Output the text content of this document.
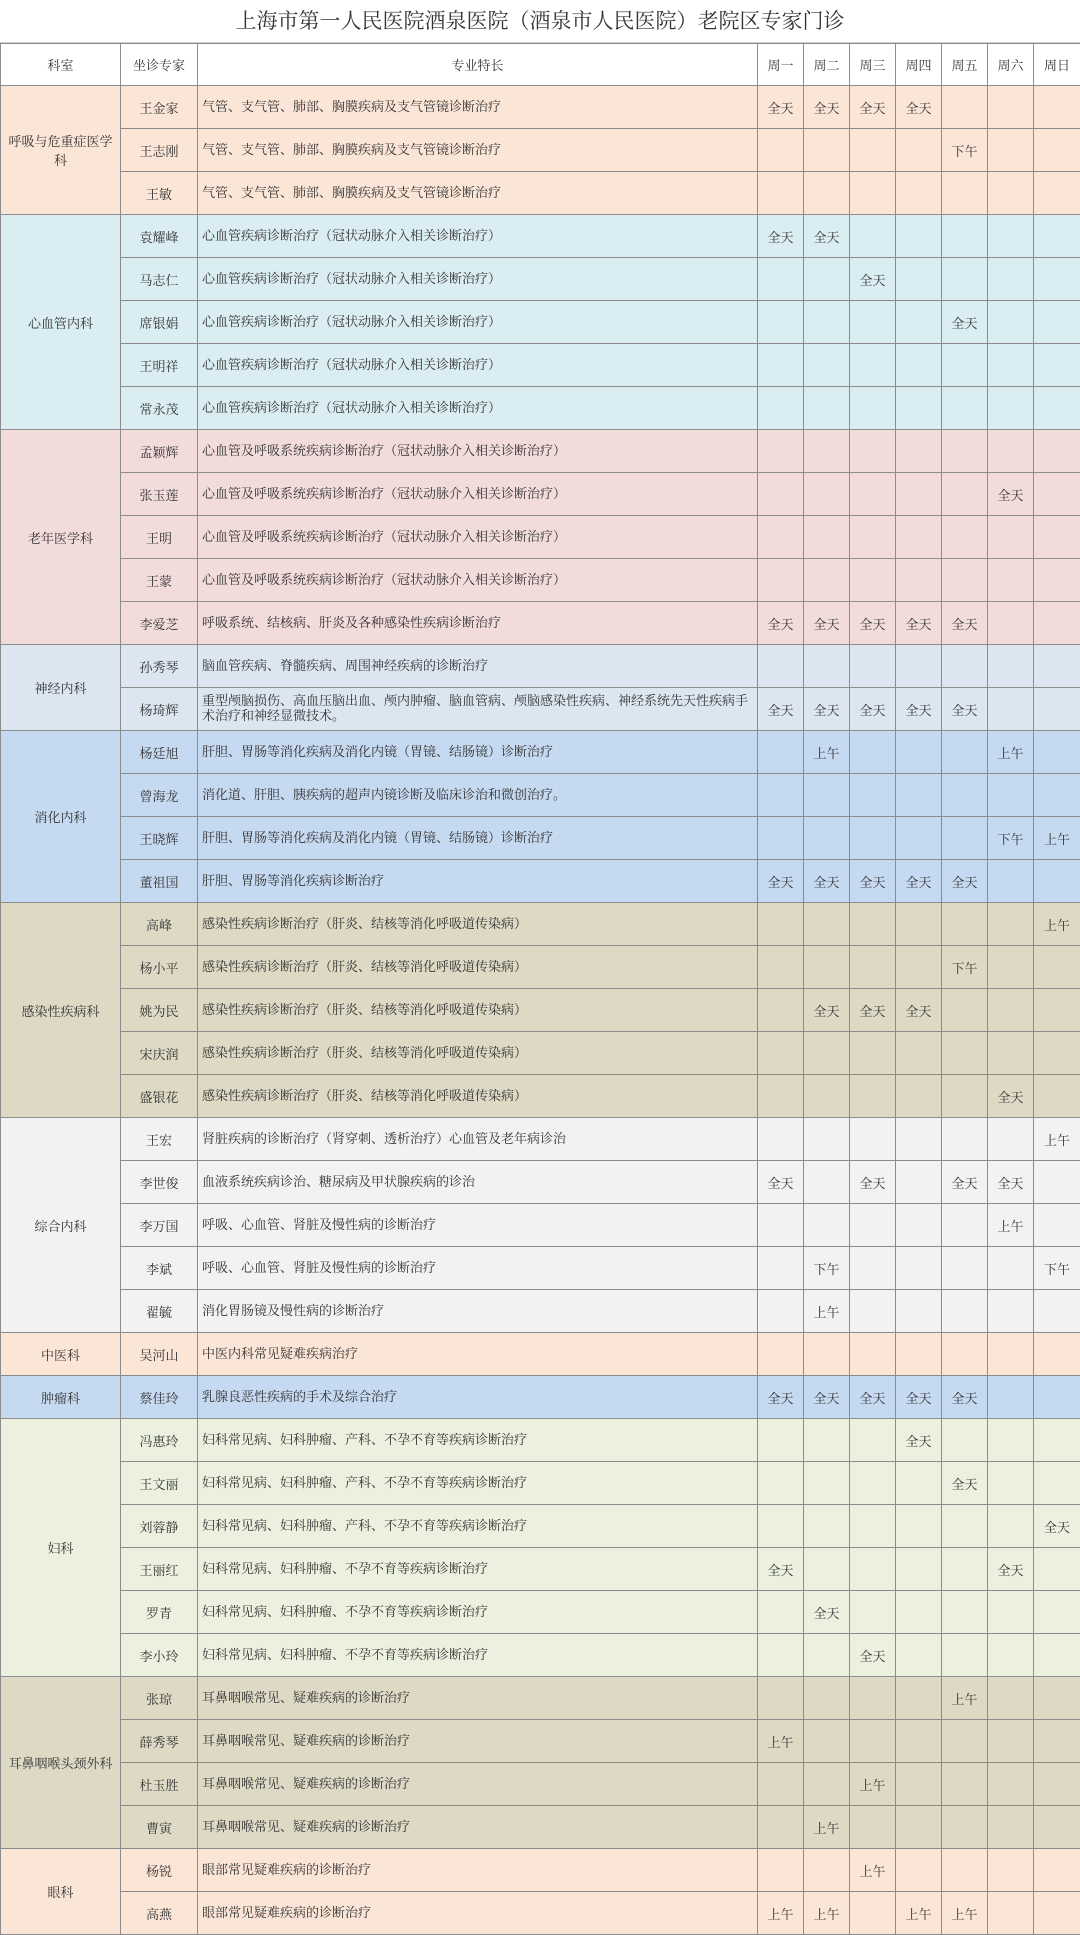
上海市第一人民医院酒泉医院（酒泉市人民医院）老院区专家门诊
科室	坐诊专家	专业特长	周一	周二	周三	周四	周五	周六	周日
呼吸与危重症医学科	王金家	气管、支气管、肺部、胸膜疾病及支气管镜诊断治疗	全天	全天	全天	全天			
	王志刚	气管、支气管、肺部、胸膜疾病及支气管镜诊断治疗					下午		
	王敏	气管、支气管、肺部、胸膜疾病及支气管镜诊断治疗							
心血管内科	袁耀峰	心血管疾病诊断治疗（冠状动脉介入相关诊断治疗）	全天	全天					
	马志仁	心血管疾病诊断治疗（冠状动脉介入相关诊断治疗）			全天				
	席银娟	心血管疾病诊断治疗（冠状动脉介入相关诊断治疗）					全天		
	王明祥	心血管疾病诊断治疗（冠状动脉介入相关诊断治疗）							
	常永茂	心血管疾病诊断治疗（冠状动脉介入相关诊断治疗）							
老年医学科	孟颖辉	心血管及呼吸系统疾病诊断治疗（冠状动脉介入相关诊断治疗）							
	张玉莲	心血管及呼吸系统疾病诊断治疗（冠状动脉介入相关诊断治疗）						全天	
	王明	心血管及呼吸系统疾病诊断治疗（冠状动脉介入相关诊断治疗）							
	王蒙	心血管及呼吸系统疾病诊断治疗（冠状动脉介入相关诊断治疗）							
	李爱芝	呼吸系统、结核病、肝炎及各种感染性疾病诊断治疗	全天	全天	全天	全天	全天		
神经内科	孙秀琴	脑血管疾病、脊髓疾病、周围神经疾病的诊断治疗							
	杨琦辉	重型颅脑损伤、高血压脑出血、颅内肿瘤、脑血管病、颅脑感染性疾病、神经系统先天性疾病手术治疗和神经显微技术。	全天	全天	全天	全天	全天		
消化内科	杨廷旭	肝胆、胃肠等消化疾病及消化内镜（胃镜、结肠镜）诊断治疗		上午				上午	
	曾海龙	消化道、肝胆、胰疾病的超声内镜诊断及临床诊治和微创治疗。							
	王晓辉	肝胆、胃肠等消化疾病及消化内镜（胃镜、结肠镜）诊断治疗						下午	上午
	董祖国	肝胆、胃肠等消化疾病诊断治疗	全天	全天	全天	全天	全天		
感染性疾病科	高峰	感染性疾病诊断治疗（肝炎、结核等消化呼吸道传染病）							上午
	杨小平	感染性疾病诊断治疗（肝炎、结核等消化呼吸道传染病）					下午		
	姚为民	感染性疾病诊断治疗（肝炎、结核等消化呼吸道传染病）		全天	全天	全天			
	宋庆润	感染性疾病诊断治疗（肝炎、结核等消化呼吸道传染病）							
	盛银花	感染性疾病诊断治疗（肝炎、结核等消化呼吸道传染病）						全天	
综合内科	王宏	肾脏疾病的诊断治疗（肾穿刺、透析治疗）心血管及老年病诊治							上午
	李世俊	血液系统疾病诊治、糖尿病及甲状腺疾病的诊治	全天		全天		全天	全天	
	李万国	呼吸、心血管、肾脏及慢性病的诊断治疗						上午	
	李斌	呼吸、心血管、肾脏及慢性病的诊断治疗		下午					下午
	翟毓	消化胃肠镜及慢性病的诊断治疗		上午					
中医科	吴河山	中医内科常见疑难疾病治疗							
肿瘤科	蔡佳玲	乳腺良恶性疾病的手术及综合治疗	全天	全天	全天	全天	全天		
妇科	冯惠玲	妇科常见病、妇科肿瘤、产科、不孕不育等疾病诊断治疗				全天			
	王文丽	妇科常见病、妇科肿瘤、产科、不孕不育等疾病诊断治疗					全天		
	刘蓉静	妇科常见病、妇科肿瘤、产科、不孕不育等疾病诊断治疗							全天
	王丽红	妇科常见病、妇科肿瘤、不孕不育等疾病诊断治疗	全天					全天	
	罗青	妇科常见病、妇科肿瘤、不孕不育等疾病诊断治疗		全天					
	李小玲	妇科常见病、妇科肿瘤、不孕不育等疾病诊断治疗			全天				
耳鼻咽喉头颈外科	张琼	耳鼻咽喉常见、疑难疾病的诊断治疗					上午		
	薛秀琴	耳鼻咽喉常见、疑难疾病的诊断治疗	上午						
	杜玉胜	耳鼻咽喉常见、疑难疾病的诊断治疗			上午				
	曹寅	耳鼻咽喉常见、疑难疾病的诊断治疗		上午					
眼科	杨锐	眼部常见疑难疾病的诊断治疗			上午				
	高燕	眼部常见疑难疾病的诊断治疗	上午	上午		上午	上午		
